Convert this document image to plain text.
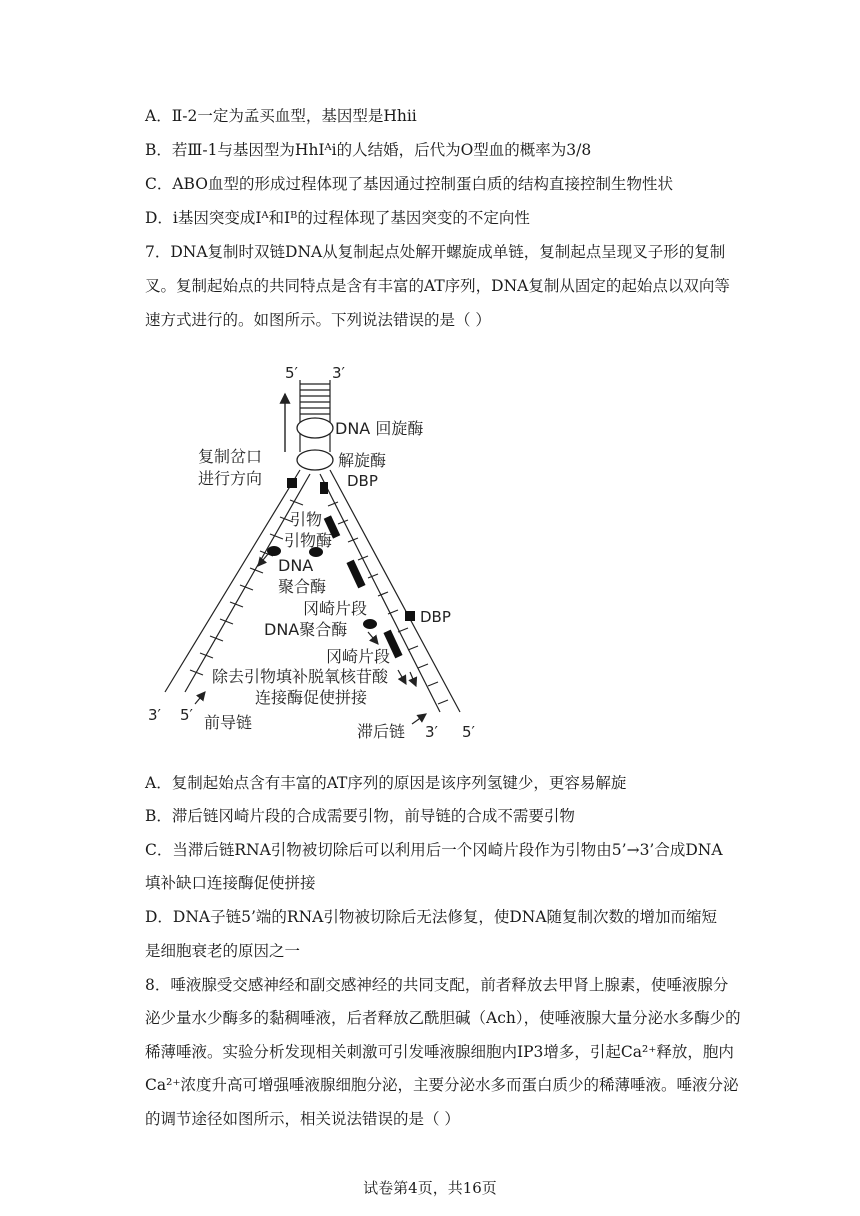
A．Ⅱ-2一定为孟买血型，基因型是Hhii
B．若Ⅲ-1与基因型为HhIᴬi的人结婚，后代为O型血的概率为3/8
C．ABO血型的形成过程体现了基因通过控制蛋白质的结构直接控制生物性状
D．i基因突变成Iᴬ和Iᴮ的过程体现了基因突变的不定向性
7．DNA复制时双链DNA从复制起点处解开螺旋成单链，复制起点呈现叉子形的复制
叉。复制起始点的共同特点是含有丰富的AT序列，DNA复制从固定的起始点以双向等
速方式进行的。如图所示。下列说法错误的是（ ）
5′ 3′
DNA 回旋酶
解旋酶
DBP
复制岔口
进行方向
引物
引物酶
DNA
聚合酶
冈崎片段	DBP
DNA聚合酶
冈崎片段
除去引物填补脱氧核苷酸
连接酶促使拼接
3′ 5′ 前导链	滞后链 3′ 5′
A．复制起始点含有丰富的AT序列的原因是该序列氢键少，更容易解旋
B．滞后链冈崎片段的合成需要引物，前导链的合成不需要引物
C．当滞后链RNA引物被切除后可以利用后一个冈崎片段作为引物由5’→3’合成DNA
填补缺口连接酶促使拼接
D．DNA子链5’端的RNA引物被切除后无法修复，使DNA随复制次数的增加而缩短
是细胞衰老的原因之一
8．唾液腺受交感神经和副交感神经的共同支配，前者释放去甲肾上腺素，使唾液腺分
泌少量水少酶多的黏稠唾液，后者释放乙酰胆碱（Ach），使唾液腺大量分泌水多酶少的
稀薄唾液。实验分析发现相关刺激可引发唾液腺细胞内IP3增多，引起Ca²⁺释放，胞内
Ca²⁺浓度升高可增强唾液腺细胞分泌，主要分泌水多而蛋白质少的稀薄唾液。唾液分泌
的调节途径如图所示，相关说法错误的是（ ）
试卷第4页，共16页
